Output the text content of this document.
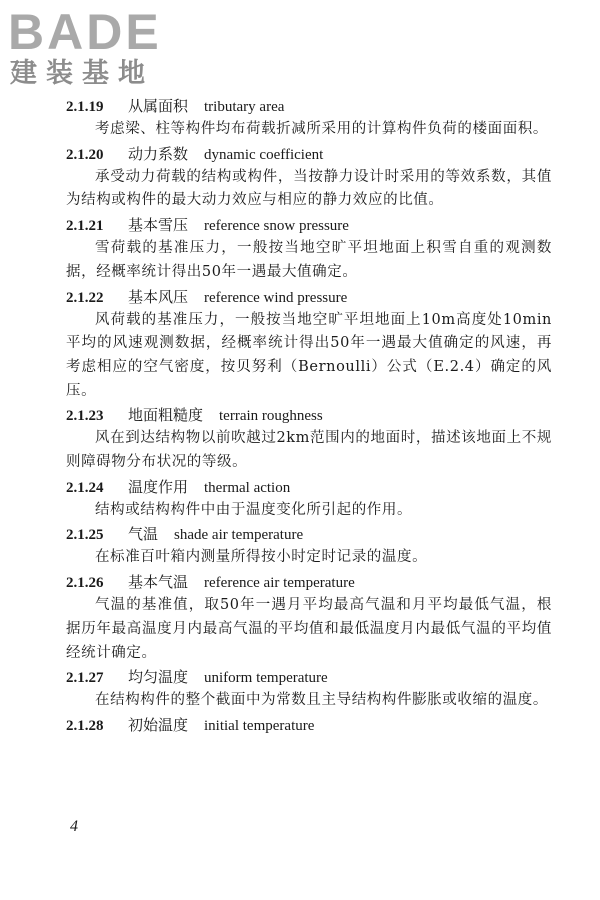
BADE
建装基地
2.1.19 从属面积 tributary area

考虑梁、柱等构件均布荷载折减所采用的计算构件负荷的楼面面积。

2.1.20 动力系数 dynamic coefficient

承受动力荷载的结构或构件，当按静力设计时采用的等效系数，其值为结构或构件的最大动力效应与相应的静力效应的比值。

2.1.21 基本雪压 reference snow pressure

雪荷载的基准压力，一般按当地空旷平坦地面上积雪自重的观测数据，经概率统计得出50年一遇最大值确定。

2.1.22 基本风压 reference wind pressure

风荷载的基准压力，一般按当地空旷平坦地面上10m高度处10min平均的风速观测数据，经概率统计得出50年一遇最大值确定的风速，再考虑相应的空气密度，按贝努利（Bernoulli）公式（E.2.4）确定的风压。

2.1.23 地面粗糙度 terrain roughness

风在到达结构物以前吹越过2km范围内的地面时，描述该地面上不规则障碍物分布状况的等级。

2.1.24 温度作用 thermal action

结构或结构构件中由于温度变化所引起的作用。

2.1.25 气温 shade air temperature

在标准百叶箱内测量所得按小时定时记录的温度。

2.1.26 基本气温 reference air temperature

气温的基准值，取50年一遇月平均最高气温和月平均最低气温，根据历年最高温度月内最高气温的平均值和最低温度月内最低气温的平均值经统计确定。

2.1.27 均匀温度 uniform temperature

在结构构件的整个截面中为常数且主导结构构件膨胀或收缩的温度。

2.1.28 初始温度 initial temperature
4
